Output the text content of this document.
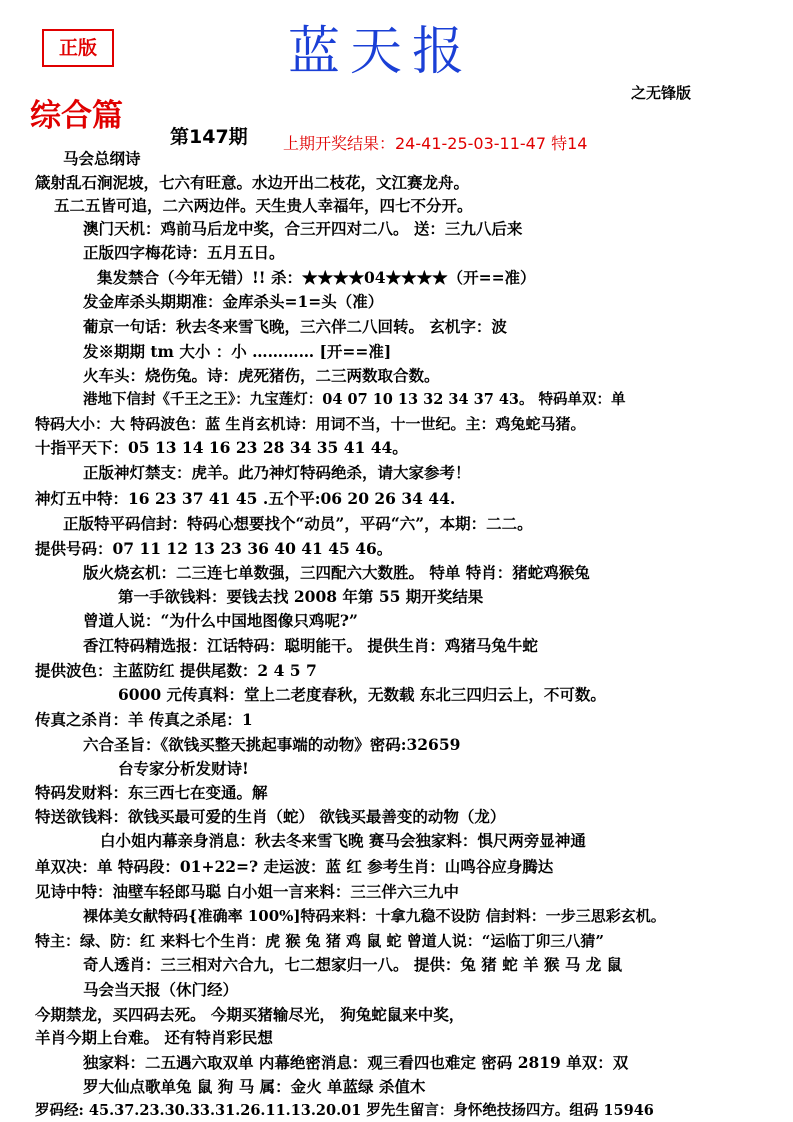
正版	蓝天报
之无锋版
综合篇
第147期 上期开奖结果：24-41-25-03-11-47 特14
马会总纲诗
箴射乱石涧泥坡，七六有旺意。水边开出二枝花，文江赛龙舟。
五二五皆可追，二六两边伴。天生贵人幸福年，四七不分开。
澳门天机：鸡前马后龙中奖，合三开四对二八。 送：三九八后来
正版四字梅花诗：五月五日。
集发禁合（今年无错）!! 杀：★★★★04★★★★（开==准）
发金库杀头期期准：金库杀头=1=头（准）
葡京一句话：秋去冬来雪飞晚，三六伴二八回转。 玄机字：波
发※期期 tm 大小 ：小 ………… [开==准]
火车头：烧伤兔。诗：虎死猪伤，二三两数取合数。
港地下信封《千王之王》：九宝莲灯：04 07 10 13 32 34 37 43。 特码单双：单
特码大小：大 特码波色：蓝 生肖玄机诗：用词不当，十一世纪。主：鸡兔蛇马猪。
十指平天下：05 13 14 16 23 28 34 35 41 44。
正版神灯禁支：虎羊。此乃神灯特码绝杀，请大家参考！
神灯五中特：16 23 37 41 45 .五个平:06 20 26 34 44.
正版特平码信封：特码心想要找个“动员”，平码“六”，本期：二二。
提供号码：07 11 12 13 23 36 40 41 45 46。
版火烧玄机：二三连七单数强，三四配六大数胜。 特单 特肖：猪蛇鸡猴兔
第一手欲钱料：要钱去找 2008 年第 55 期开奖结果
曾道人说：“为什么中国地图像只鸡呢?”
香江特码精选报：江话特码：聪明能干。 提供生肖：鸡猪马兔牛蛇
提供波色：主蓝防红 提供尾数：2 4 5 7
6000 元传真料：堂上二老度春秋，无数载 东北三四归云上，不可数。
传真之杀肖：羊 传真之杀尾：1
六合圣旨：《欲钱买整天挑起事端的动物》密码:32659
台专家分析发财诗!
特码发财料：东三西七在变通。解
特送欲钱料：欲钱买最可爱的生肖（蛇） 欲钱买最善变的动物（龙）
白小姐内幕亲身消息：秋去冬来雪飞晚 赛马会独家料：惧尺两旁显神通
单双决：单 特码段：01+22=? 走运波：蓝 红 参考生肖：山鸣谷应身腾达
见诗中特：油壁车轻郎马聪 白小姐一言来料：三三伴六三九中
裸体美女献特码{准确率 100%]特码来料：十拿九稳不设防 信封料：一步三思彩玄机。
特主：绿、防：红 来料七个生肖：虎 猴 兔 猪 鸡 鼠 蛇 曾道人说：“运临丁卯三八猜”
奇人透肖：三三相对六合九，七二想家归一八。 提供：兔 猪 蛇 羊 猴 马 龙 鼠
马会当天报（休门经）
今期禁龙，买四码去死。 今期买猪输尽光， 狗兔蛇鼠来中奖，
羊肖今期上台难。 还有特肖彩民想
独家料：二五遇六取双单 内幕绝密消息：观三看四也难定 密码 2819 单双：双
罗大仙点歌单兔 鼠 狗 马 属：金火 单蓝绿 杀值木
罗码经: 45.37.23.30.33.31.26.11.13.20.01 罗先生留言：身怀绝技扬四方。组码 15946
